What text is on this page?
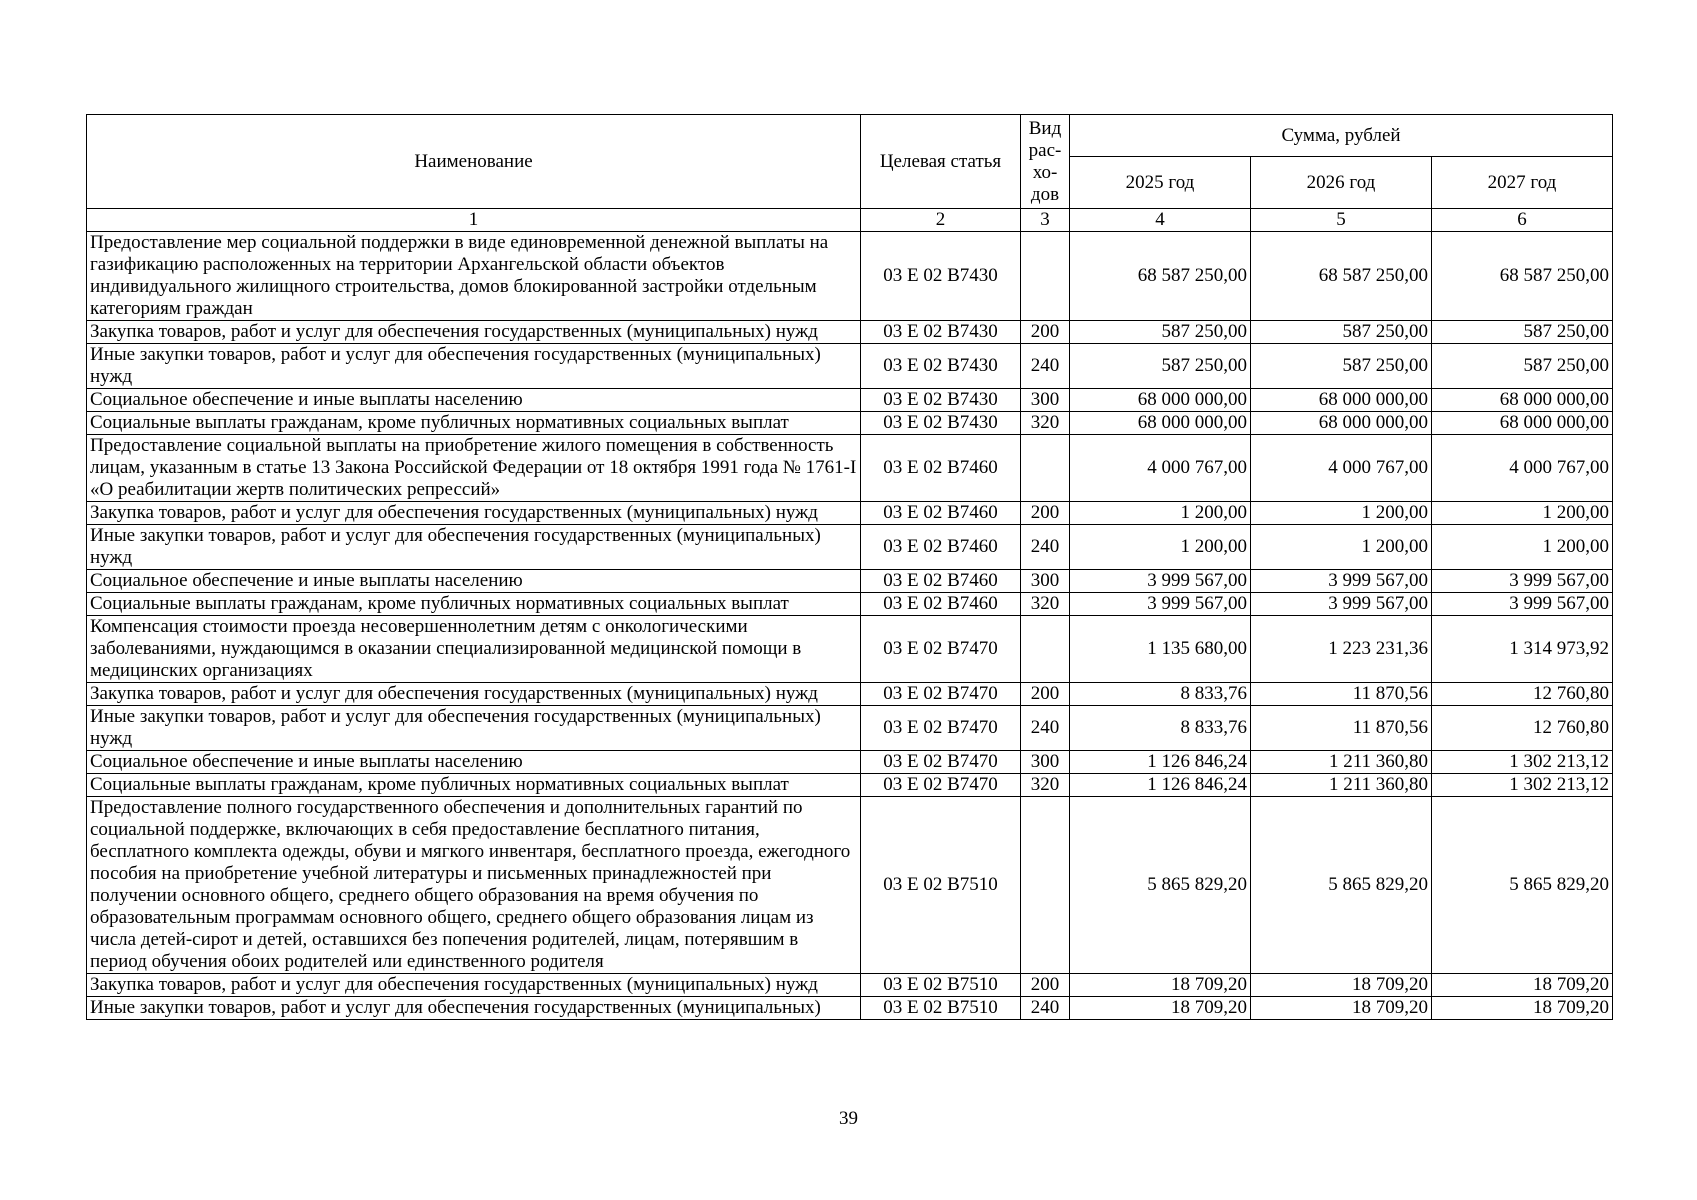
Наименование	Целевая статья	Вид рас- хо- дов	Сумма, рублей		
			2025 год	2026 год	2027 год
1	2	3	4	5	6
Предоставление мер социальной поддержки в виде единовременной денежной выплаты на газификацию расположенных на территории Архангельской области объектов индивидуального жилищного строительства, домов блокированной застройки отдельным категориям граждан	03 Е 02 В7430		68 587 250,00	68 587 250,00	68 587 250,00
Закупка товаров, работ и услуг для обеспечения государственных (муниципальных) нужд	03 Е 02 В7430	200	587 250,00	587 250,00	587 250,00
Иные закупки товаров, работ и услуг для обеспечения государственных (муниципальных) нужд	03 Е 02 В7430	240	587 250,00	587 250,00	587 250,00
Социальное обеспечение и иные выплаты населению	03 Е 02 В7430	300	68 000 000,00	68 000 000,00	68 000 000,00
Социальные выплаты гражданам, кроме публичных нормативных социальных выплат	03 Е 02 В7430	320	68 000 000,00	68 000 000,00	68 000 000,00
Предоставление социальной выплаты на приобретение жилого помещения в собственность лицам, указанным в статье 13 Закона Российской Федерации от 18 октября 1991 года № 1761-I «О реабилитации жертв политических репрессий»	03 Е 02 В7460		4 000 767,00	4 000 767,00	4 000 767,00
Закупка товаров, работ и услуг для обеспечения государственных (муниципальных) нужд	03 Е 02 В7460	200	1 200,00	1 200,00	1 200,00
Иные закупки товаров, работ и услуг для обеспечения государственных (муниципальных) нужд	03 Е 02 В7460	240	1 200,00	1 200,00	1 200,00
Социальное обеспечение и иные выплаты населению	03 Е 02 В7460	300	3 999 567,00	3 999 567,00	3 999 567,00
Социальные выплаты гражданам, кроме публичных нормативных социальных выплат	03 Е 02 В7460	320	3 999 567,00	3 999 567,00	3 999 567,00
Компенсация стоимости проезда несовершеннолетним детям с онкологическими заболеваниями, нуждающимся в оказании специализированной медицинской помощи в медицинских организациях	03 Е 02 В7470		1 135 680,00	1 223 231,36	1 314 973,92
Закупка товаров, работ и услуг для обеспечения государственных (муниципальных) нужд	03 Е 02 В7470	200	8 833,76	11 870,56	12 760,80
Иные закупки товаров, работ и услуг для обеспечения государственных (муниципальных) нужд	03 Е 02 В7470	240	8 833,76	11 870,56	12 760,80
Социальное обеспечение и иные выплаты населению	03 Е 02 В7470	300	1 126 846,24	1 211 360,80	1 302 213,12
Социальные выплаты гражданам, кроме публичных нормативных социальных выплат	03 Е 02 В7470	320	1 126 846,24	1 211 360,80	1 302 213,12
Предоставление полного государственного обеспечения и дополнительных гарантий по социальной поддержке, включающих в себя предоставление бесплатного питания, бесплатного комплекта одежды, обуви и мягкого инвентаря, бесплатного проезда, ежегодного пособия на приобретение учебной литературы и письменных принадлежностей при получении основного общего, среднего общего образования на время обучения по образовательным программам основного общего, среднего общего образования лицам из числа детей-сирот и детей, оставшихся без попечения родителей, лицам, потерявшим в период обучения обоих родителей или единственного родителя	03 Е 02 В7510		5 865 829,20	5 865 829,20	5 865 829,20
Закупка товаров, работ и услуг для обеспечения государственных (муниципальных) нужд	03 Е 02 В7510	200	18 709,20	18 709,20	18 709,20
Иные закупки товаров, работ и услуг для обеспечения государственных (муниципальных)	03 Е 02 В7510	240	18 709,20	18 709,20	18 709,20
39
